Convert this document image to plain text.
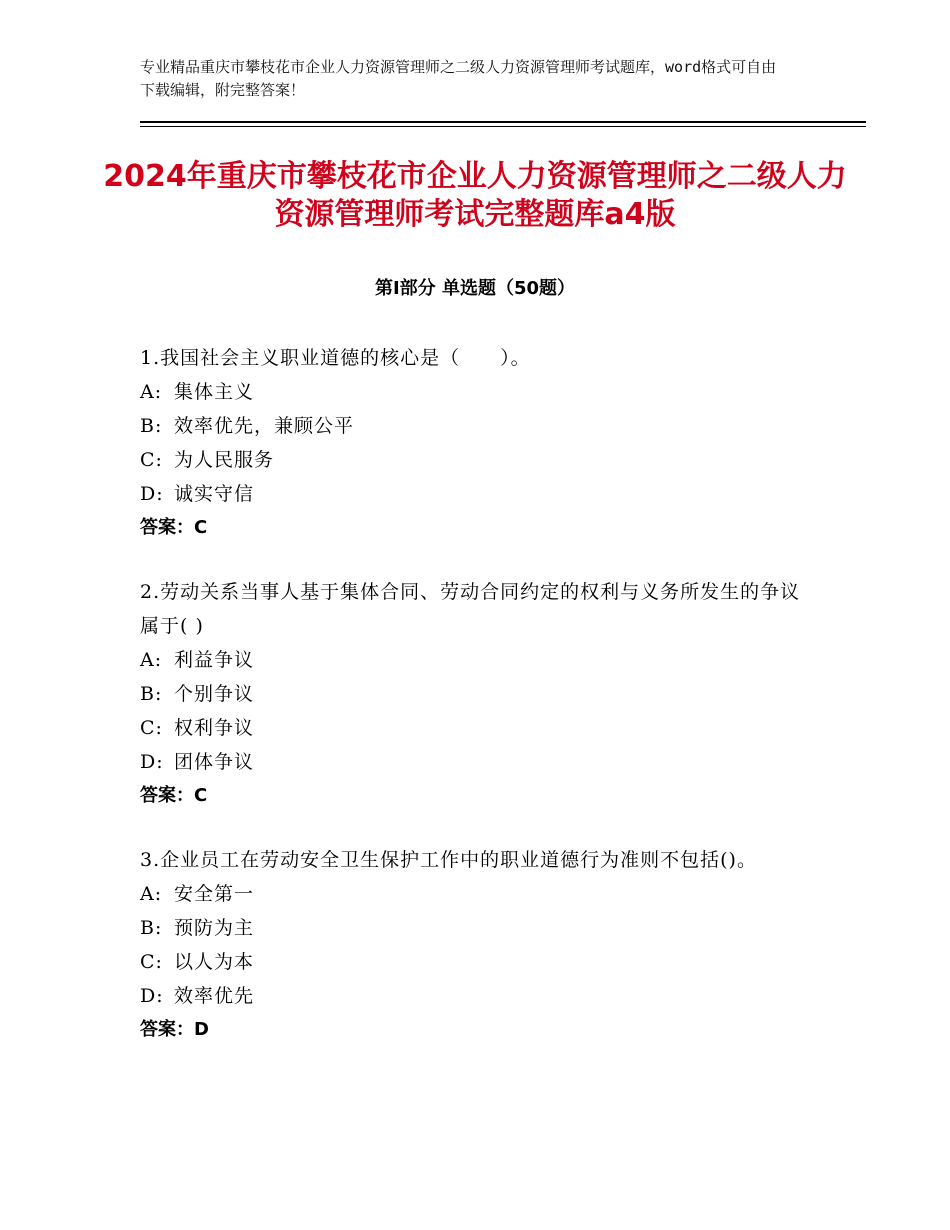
专业精品重庆市攀枝花市企业人力资源管理师之二级人力资源管理师考试题库，word格式可自由下载编辑，附完整答案！
2024年重庆市攀枝花市企业人力资源管理师之二级人力资源管理师考试完整题库a4版
第Ⅰ部分 单选题（50题）
1.我国社会主义职业道德的核心是（　　）。
A: 集体主义
B: 效率优先，兼顾公平
C: 为人民服务
D: 诚实守信
答案：C
2.劳动关系当事人基于集体合同、劳动合同约定的权利与义务所发生的争议属于( )
A: 利益争议
B: 个别争议
C: 权利争议
D: 团体争议
答案：C
3.企业员工在劳动安全卫生保护工作中的职业道德行为准则不包括()。
A: 安全第一
B: 预防为主
C: 以人为本
D: 效率优先
答案：D
